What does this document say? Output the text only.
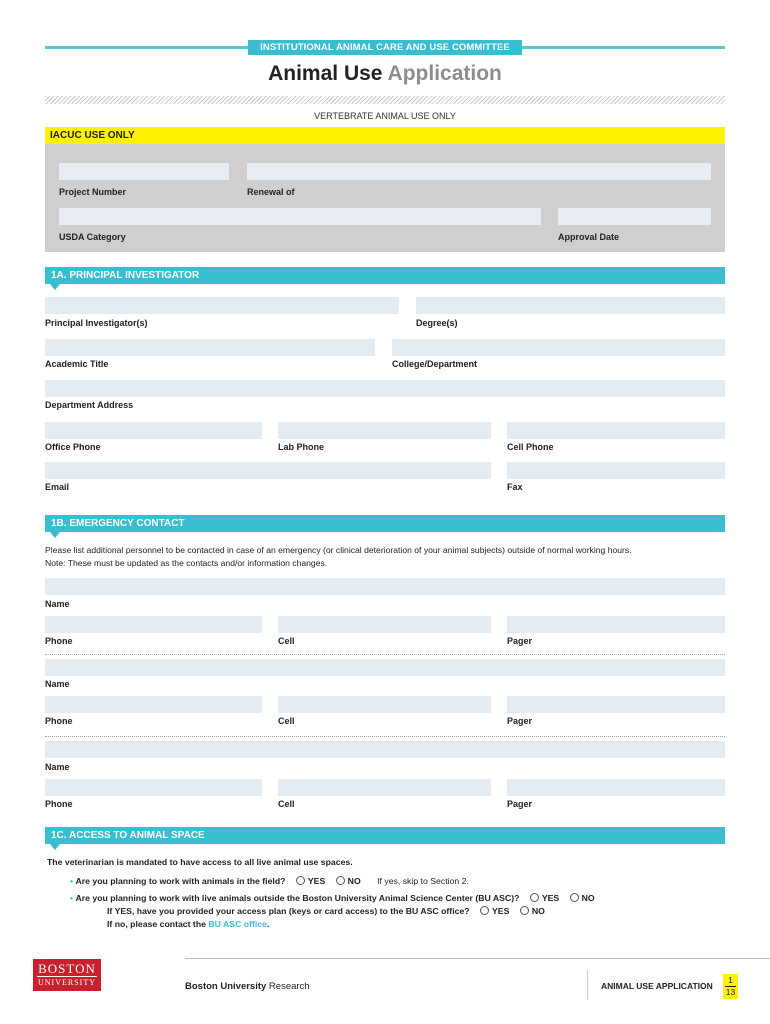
INSTITUTIONAL ANIMAL CARE AND USE COMMITTEE
Animal Use Application
VERTEBRATE ANIMAL USE ONLY
IACUC USE ONLY
Project Number	Renewal of
USDA Category	Approval Date
1A. PRINCIPAL INVESTIGATOR
Principal Investigator(s)	Degree(s)
Academic Title	College/Department
Department Address
Office Phone	Lab Phone	Cell Phone
Email	Fax
1B. EMERGENCY CONTACT
Please list additional personnel to be contacted in case of an emergency (or clinical deterioration of your animal subjects) outside of normal working hours.
Note: These must be updated as the contacts and/or information changes.
Name
Phone	Cell	Pager
Name
Phone	Cell	Pager
Name
Phone	Cell	Pager
1C. ACCESS TO ANIMAL SPACE
The veterinarian is mandated to have access to all live animal use spaces.
• Are you planning to work with animals in the field?	YES	NO If yes, skip to Section 2.
• Are you planning to work with live animals outside the Boston University Animal Science Center (BU ASC)?	YES	NO
If YES, have you provided your access plan (keys or card access) to the BU ASC office?	YES	NO
If no, please contact the BU ASC office.
BOSTON
UNIVERSITY	Boston University Research	ANIMAL USE APPLICATION
1
13
